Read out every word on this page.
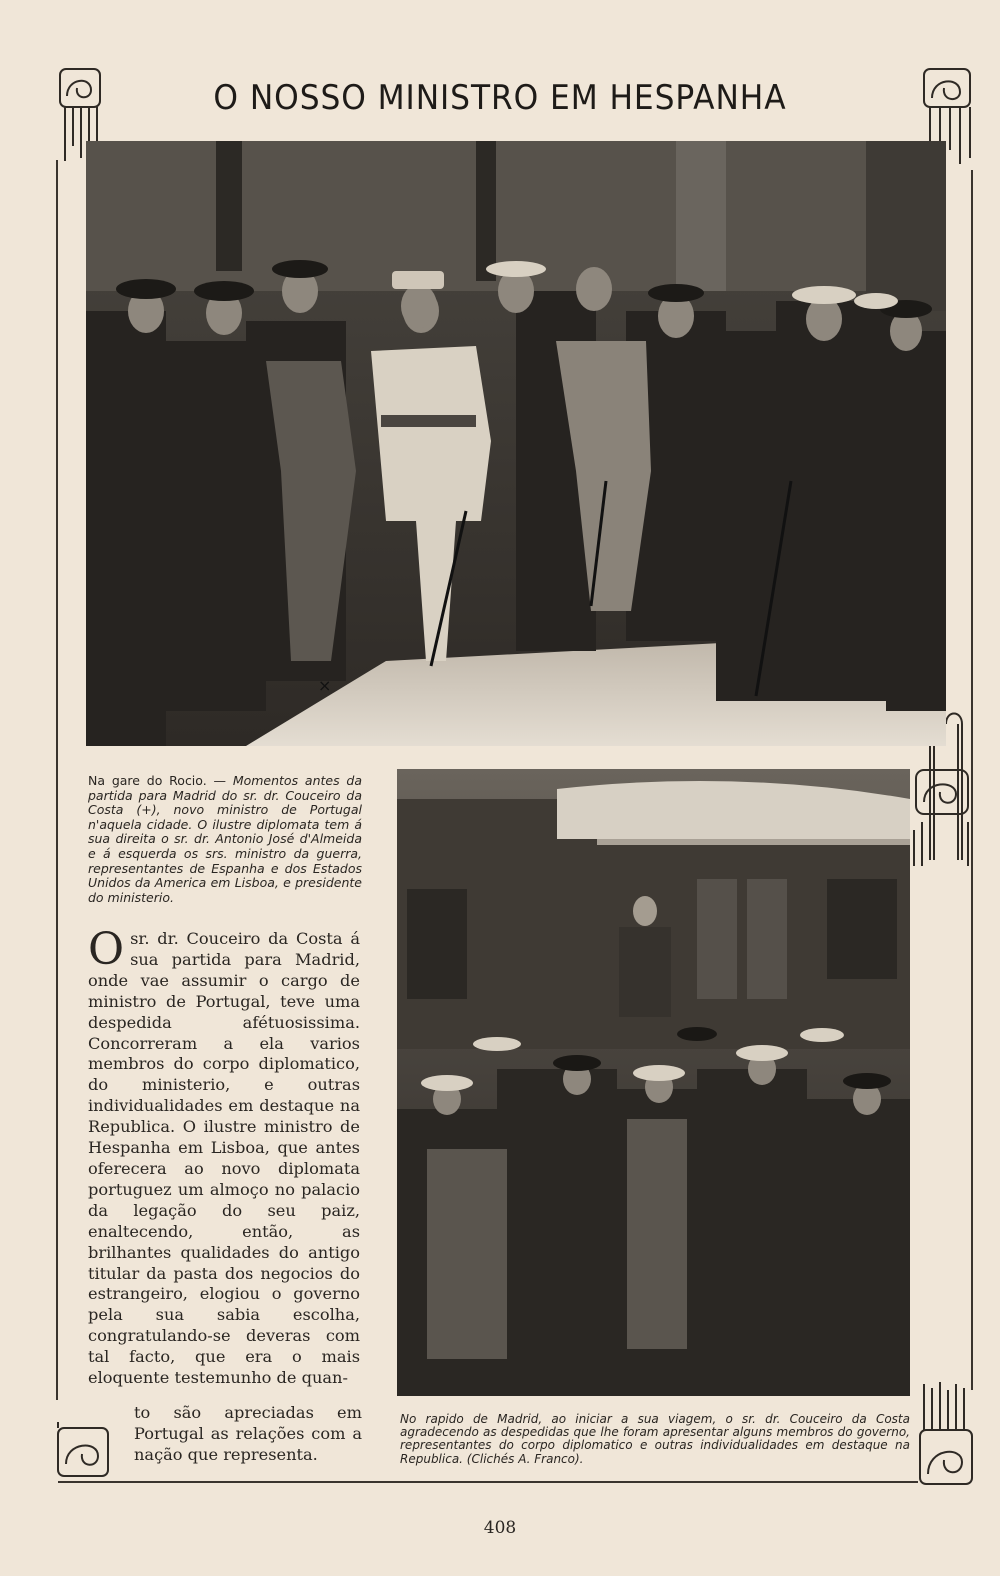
O NOSSO MINISTRO EM HESPANHA
×
Na gare do Rocio. — Momentos antes da partida para Madrid do sr. dr. Couceiro da Costa (+), novo ministro de Portugal n'aquela cidade. O ilustre diplomata tem á sua direita o sr. dr. Antonio José d'Almeida e á esquerda os srs. ministro da guerra, representantes de Espanha e dos Estados Unidos da America em Lisboa, e presidente do ministerio.
Osr. dr. Couceiro da Costa á sua partida para Madrid, onde vae assumir o cargo de ministro de Portugal, teve uma despedida afétuosissima. Concorreram a ela varios membros do corpo diplomatico, do ministerio, e outras individualidades em destaque na Republica. O ilustre ministro de Hespanha em Lisboa, que antes oferecera ao novo diplomata portuguez um almoço no palacio da legação do seu paiz, enaltecendo, então, as brilhantes qualidades do antigo titular da pasta dos negocios do estrangeiro, elogiou o governo pela sua sabia escolha, congratulando-se deveras com tal facto, que era o mais eloquente testemunho de quan-
to são apreciadas em Portugal as relações com a nação que representa.
No rapido de Madrid, ao iniciar a sua viagem, o sr. dr. Couceiro da Costa agradecendo as despedidas que lhe foram apresentar alguns membros do governo, representantes do corpo diplomatico e outras individualidades em destaque na Republica. (Clichés A. Franco).
408
